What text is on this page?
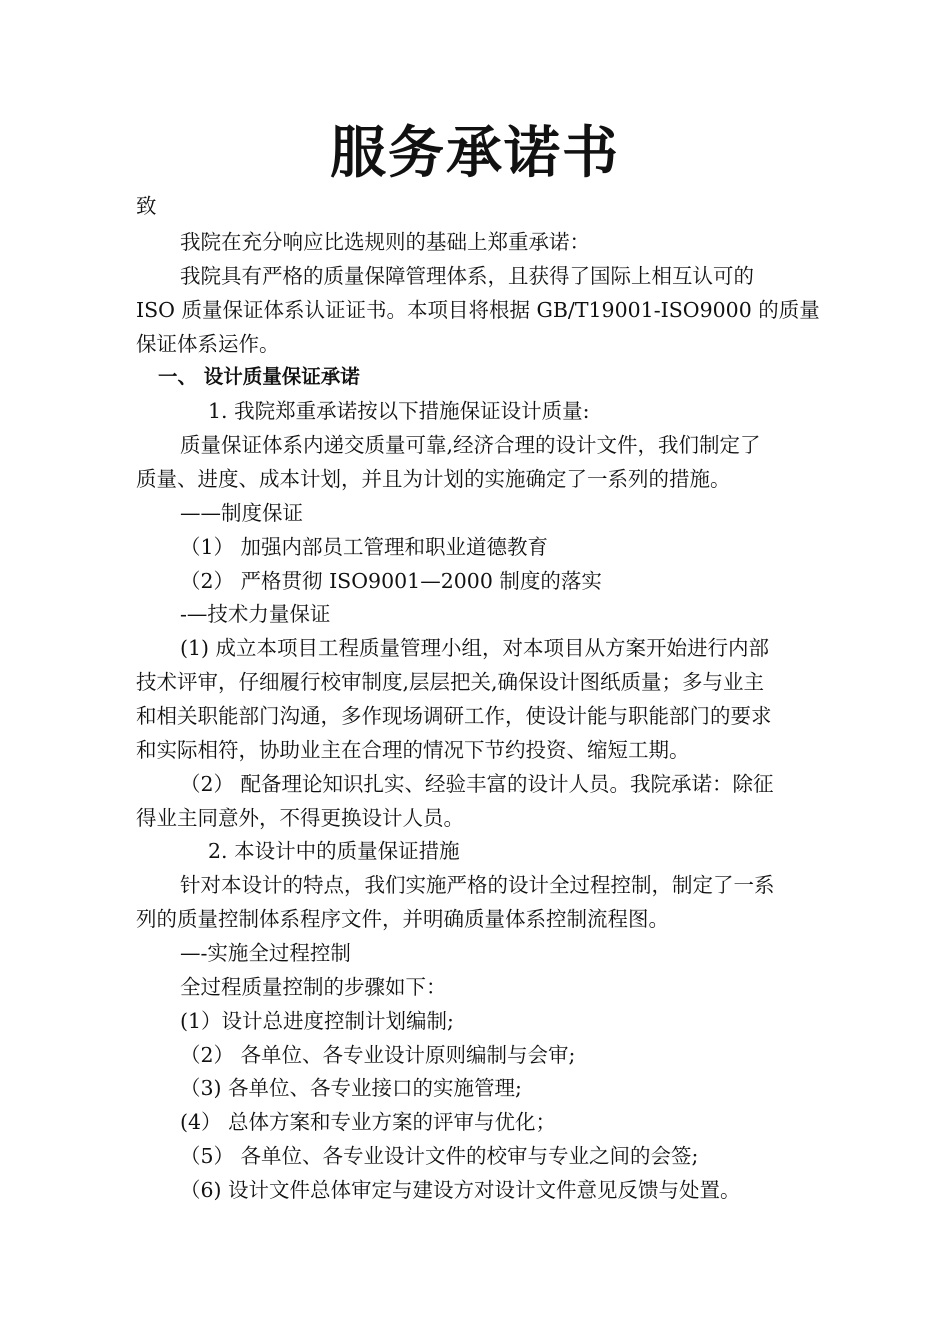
服务承诺书
致
我院在充分响应比选规则的基础上郑重承诺：
我院具有严格的质量保障管理体系，且获得了国际上相互认可的
ISO 质量保证体系认证证书。本项目将根据 GB/T19001-ISO9000 的质量
保证体系运作。
一、 设计质量保证承诺
1. 我院郑重承诺按以下措施保证设计质量:
质量保证体系内递交质量可靠,经济合理的设计文件，我们制定了
质量、进度、成本计划，并且为计划的实施确定了一系列的措施。
——制度保证
（1） 加强内部员工管理和职业道德教育
（2） 严格贯彻 ISO9001—2000 制度的落实
-—技术力量保证
(1) 成立本项目工程质量管理小组，对本项目从方案开始进行内部
技术评审，仔细履行校审制度,层层把关,确保设计图纸质量；多与业主
和相关职能部门沟通，多作现场调研工作，使设计能与职能部门的要求
和实际相符，协助业主在合理的情况下节约投资、缩短工期。
（2） 配备理论知识扎实、经验丰富的设计人员。我院承诺：除征
得业主同意外，不得更换设计人员。
2. 本设计中的质量保证措施
针对本设计的特点，我们实施严格的设计全过程控制，制定了一系
列的质量控制体系程序文件，并明确质量体系控制流程图。
—-实施全过程控制
全过程质量控制的步骤如下：
(1）设计总进度控制计划编制;
（2） 各单位、各专业设计原则编制与会审;
（3) 各单位、各专业接口的实施管理;
(4） 总体方案和专业方案的评审与优化；
（5） 各单位、各专业设计文件的校审与专业之间的会签;
（6) 设计文件总体审定与建设方对设计文件意见反馈与处置。
